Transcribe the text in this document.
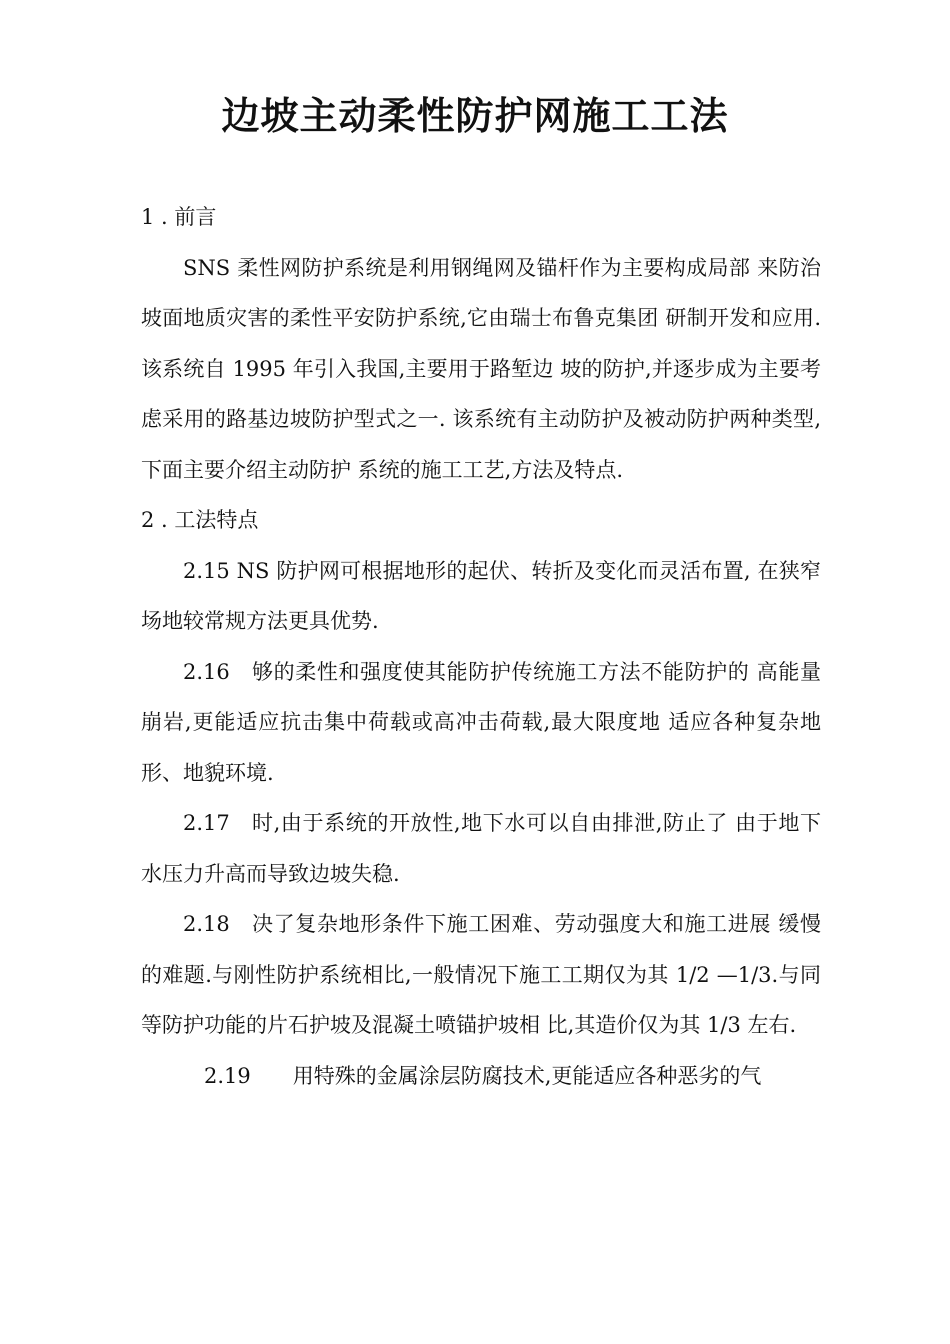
边坡主动柔性防护网施工工法

1 . 前言

SNS 柔性网防护系统是利用钢绳网及锚杆作为主要构成局部 来防治坡面地质灾害的柔性平安防护系统,它由瑞士布鲁克集团 研制开发和应用.该系统自 1995 年引入我国,主要用于路堑边 坡的防护,并逐步成为主要考虑采用的路基边坡防护型式之一. 该系统有主动防护及被动防护两种类型,下面主要介绍主动防护 系统的施工工艺,方法及特点.

2 . 工法特点

2.15 NS 防护网可根据地形的起伏、转折及变化而灵活布置, 在狭窄场地较常规方法更具优势.

2.16　够的柔性和强度使其能防护传统施工方法不能防护的 高能量崩岩,更能适应抗击集中荷载或高冲击荷载,最大限度地 适应各种复杂地形、地貌环境.

2.17　时,由于系统的开放性,地下水可以自由排泄,防止了 由于地下水压力升高而导致边坡失稳.

2.18　决了复杂地形条件下施工困难、劳动强度大和施工进展 缓慢的难题.与刚性防护系统相比,一般情况下施工工期仅为其 1/2 —1/3.与同等防护功能的片石护坡及混凝土喷锚护坡相 比,其造价仅为其 1/3 左右.

2.19　　用特殊的金属涂层防腐技术,更能适应各种恶劣的气
